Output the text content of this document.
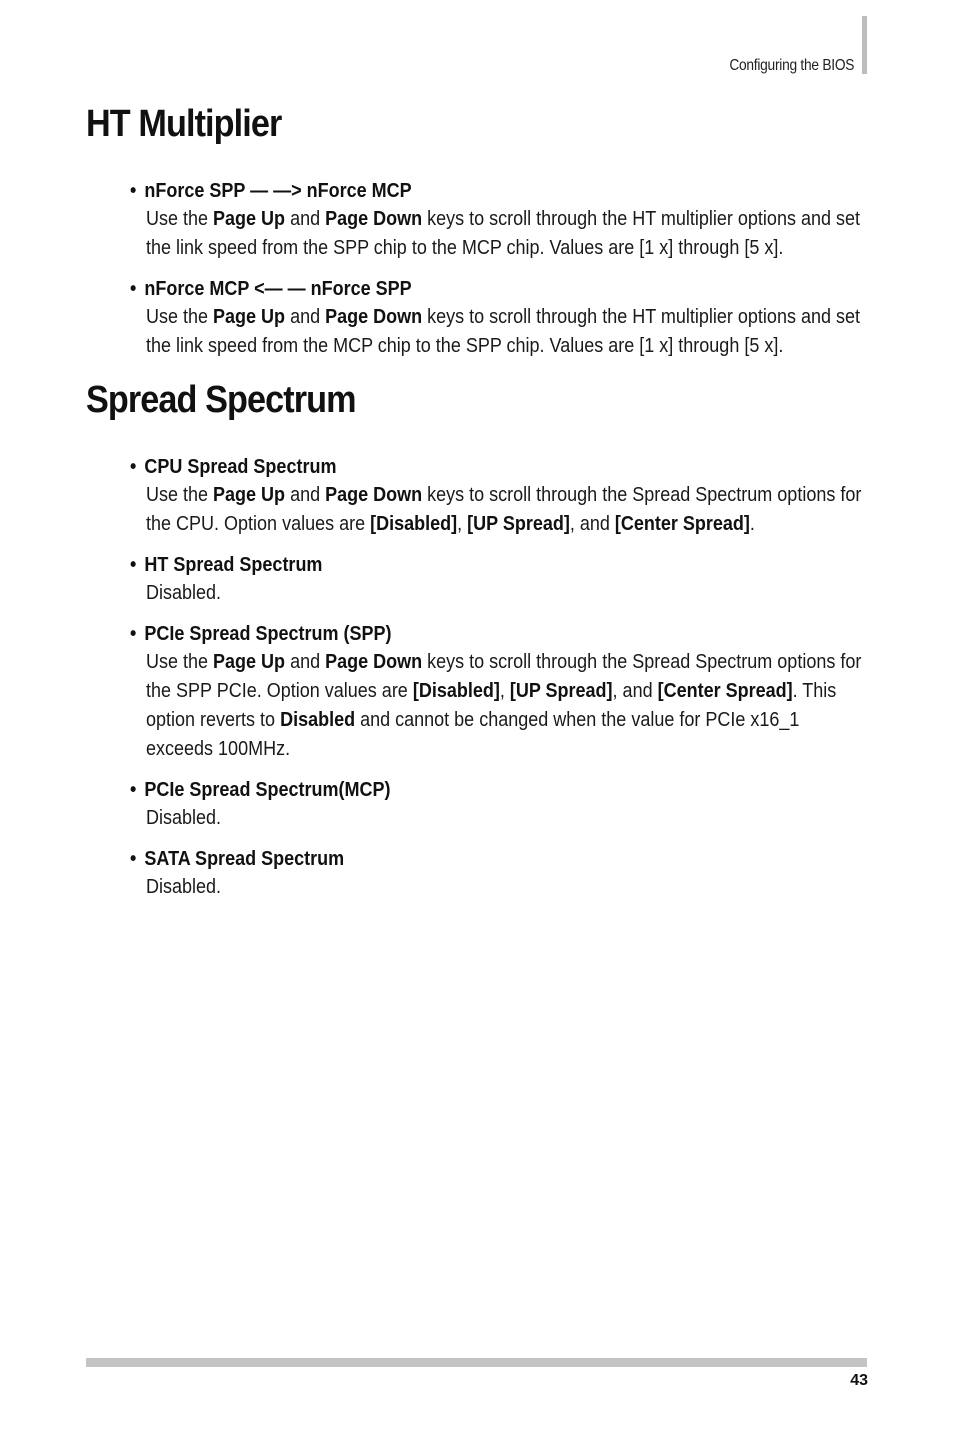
Configuring the BIOS
HT Multiplier
• nForce SPP — —> nForce MCP
Use the Page Up and Page Down keys to scroll through the HT multiplier options and set the link speed from the SPP chip to the MCP chip. Values are [1 x] through [5 x].
• nForce MCP <— — nForce SPP
Use the Page Up and Page Down keys to scroll through the HT multiplier options and set the link speed from the MCP chip to the SPP chip. Values are [1 x] through [5 x].
Spread Spectrum
• CPU Spread Spectrum
Use the Page Up and Page Down keys to scroll through the Spread Spectrum options for the CPU. Option values are [Disabled], [UP Spread], and [Center Spread].
• HT Spread Spectrum
Disabled.
• PCIe Spread Spectrum (SPP)
Use the Page Up and Page Down keys to scroll through the Spread Spectrum options for the SPP PCIe. Option values are [Disabled], [UP Spread], and [Center Spread]. This option reverts to Disabled and cannot be changed when the value for PCIe x16_1 exceeds 100MHz.
• PCIe Spread Spectrum(MCP)
Disabled.
• SATA Spread Spectrum
Disabled.
43
